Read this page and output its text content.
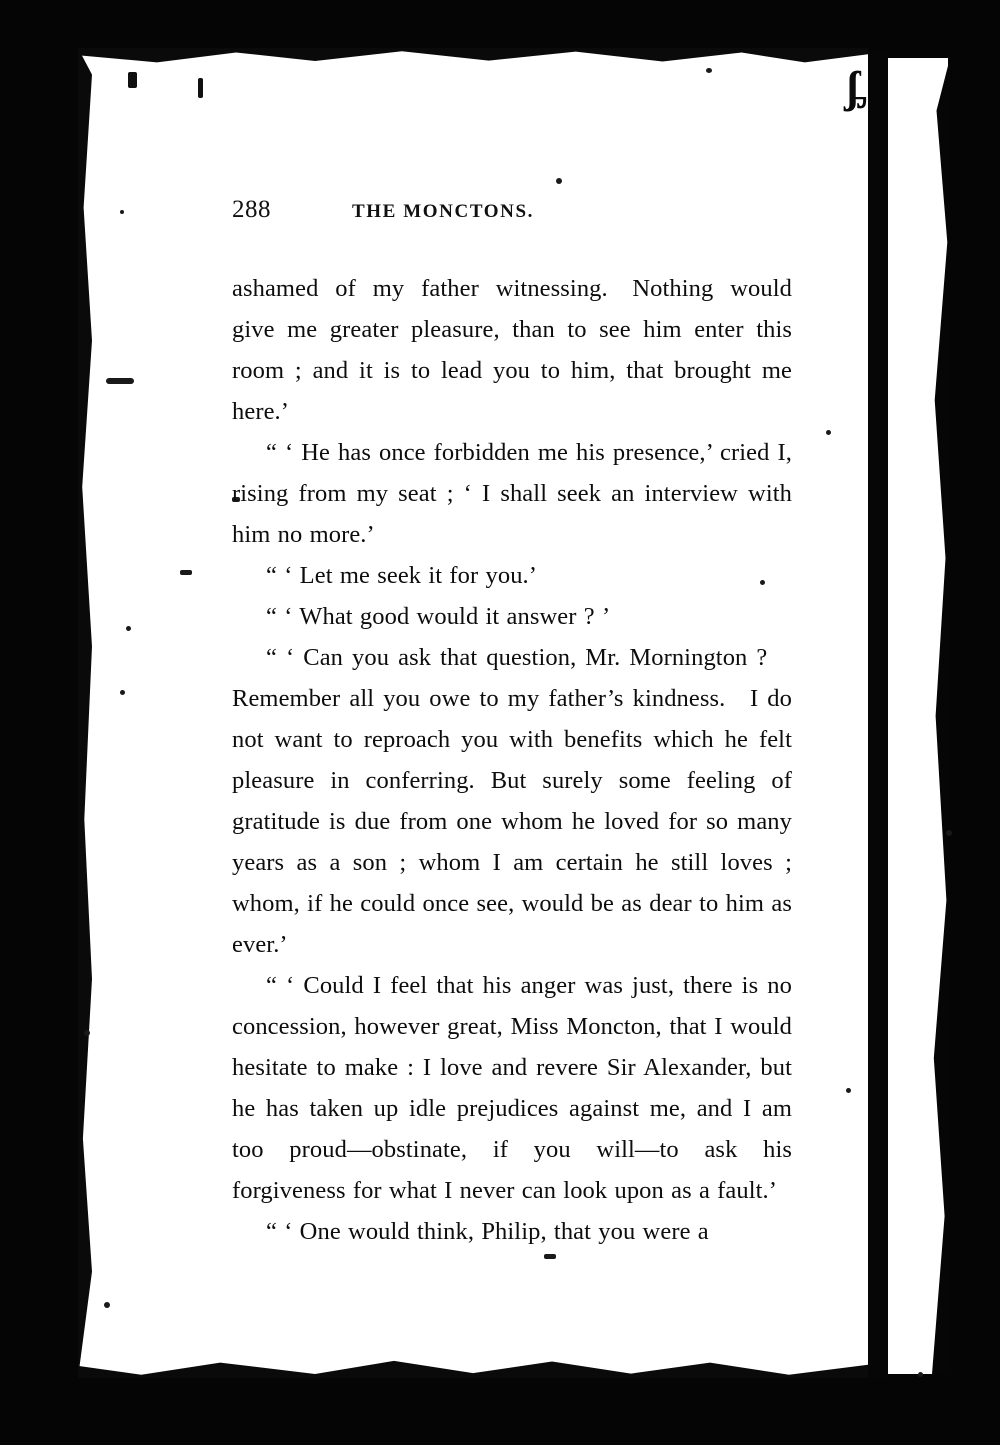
ᶋ
288	THE MONCTONS.

ashamed of my father witnessing. Nothing would give me greater pleasure, than to see him enter this room ; and it is to lead you to him, that brought me here.’

“ ‘ He has once forbidden me his presence,’ cried I, rising from my seat ; ‘ I shall seek an interview with him no more.’

“ ‘ Let me seek it for you.’

“ ‘ What good would it answer ? ’

“ ‘ Can you ask that question, Mr. Mornington ? Remember all you owe to my father’s kindness. I do not want to reproach you with benefits which he felt pleasure in conferring. But surely some feeling of gratitude is due from one whom he loved for so many years as a son ; whom I am certain he still loves ; whom, if he could once see, would be as dear to him as ever.’

“ ‘ Could I feel that his anger was just, there is no concession, however great, Miss Moncton, that I would hesitate to make : I love and revere Sir Alexander, but he has taken up idle prejudices against me, and I am too proud—obstinate, if you will—to ask his forgiveness for what I never can look upon as a fault.’

“ ‘ One would think, Philip, that you were a
